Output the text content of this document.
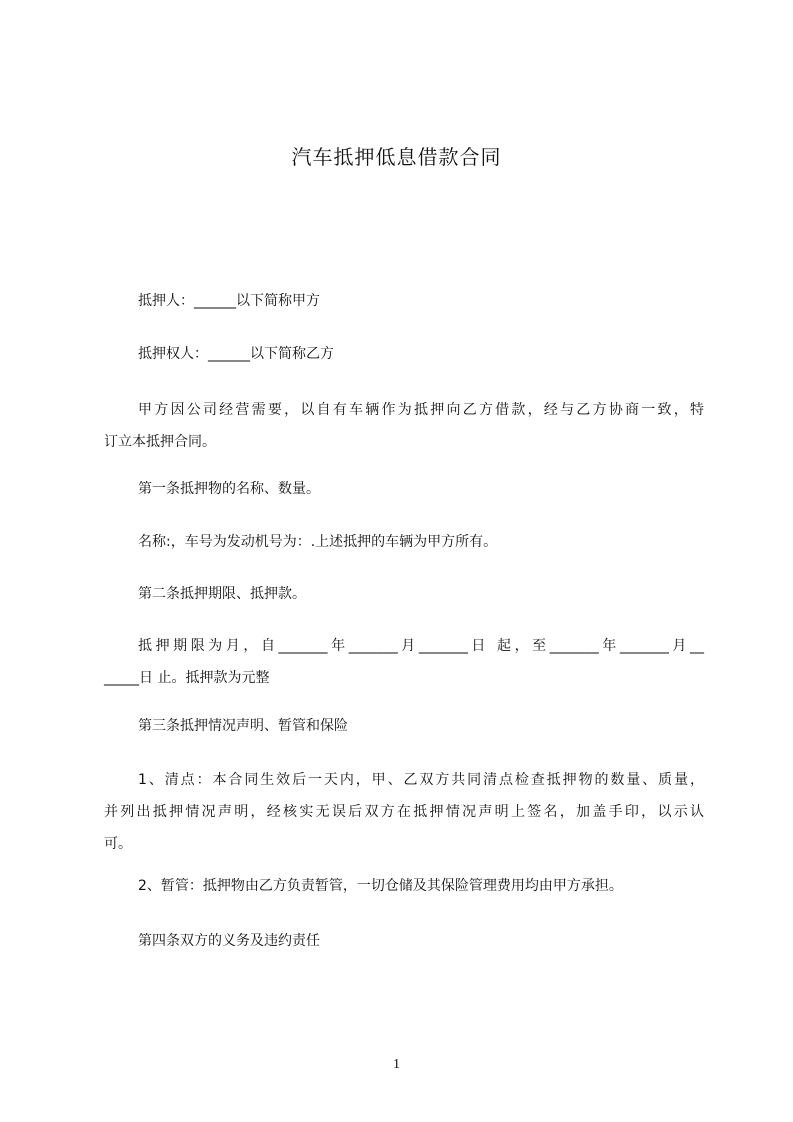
汽车抵押低息借款合同
抵押人：______以下简称甲方
抵押权人：______以下简称乙方
甲方因公司经营需要，以自有车辆作为抵押向乙方借款，经与乙方协商一致，特
订立本抵押合同。
第一条抵押物的名称、数量。
名称:，车号为发动机号为：.上述抵押的车辆为甲方所有。
第二条抵押期限、抵押款。
抵押期限为月，自_______年_______月_______日 起，至_______年_______月__
_____日 止。抵押款为元整
第三条抵押情况声明、暂管和保险
1、清点：本合同生效后一天内，甲、乙双方共同清点检查抵押物的数量、质量，
并列出抵押情况声明，经核实无误后双方在抵押情况声明上签名，加盖手印，以示认
可。
2、暂管：抵押物由乙方负责暂管，一切仓储及其保险管理费用均由甲方承担。
第四条双方的义务及违约责任
1
